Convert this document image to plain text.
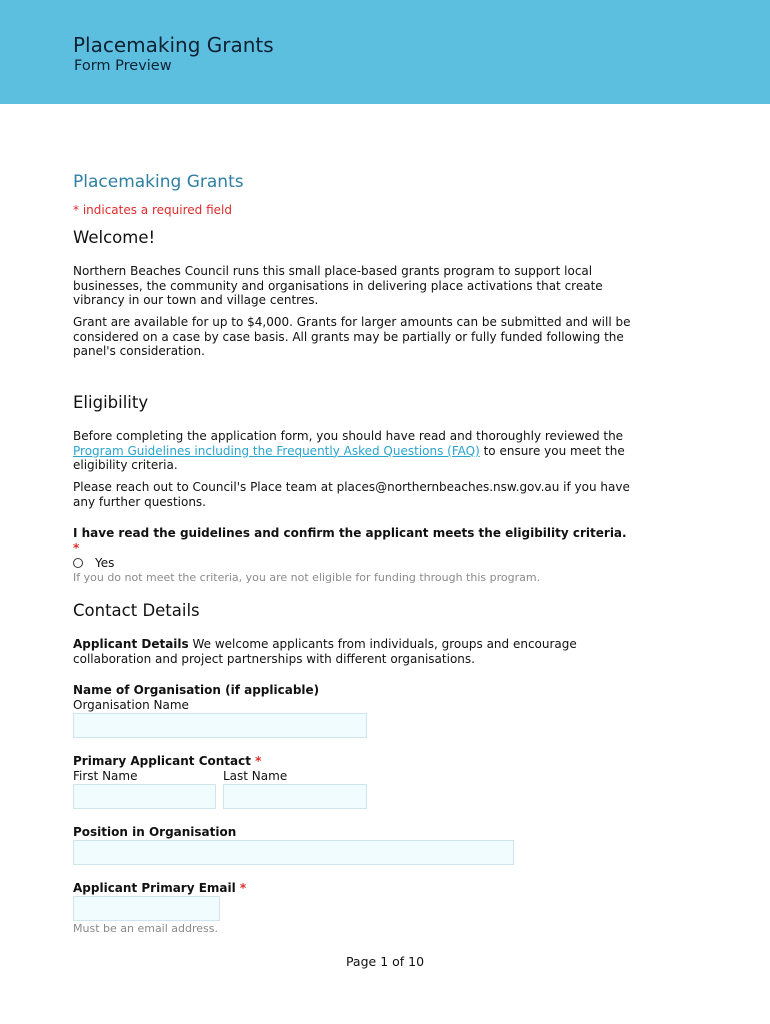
Placemaking Grants
Form Preview
Placemaking Grants
* indicates a required field
Welcome!
Northern Beaches Council runs this small place-based grants program to support local
businesses, the community and organisations in delivering place activations that create
vibrancy in our town and village centres.
Grant are available for up to $4,000. Grants for larger amounts can be submitted and will be
considered on a case by case basis. All grants may be partially or fully funded following the
panel's consideration.
Eligibility
Before completing the application form, you should have read and thoroughly reviewed the
Program Guidelines including the Frequently Asked Questions (FAQ) to ensure you meet the
eligibility criteria.
Please reach out to Council's Place team at places@northernbeaches.nsw.gov.au if you have
any further questions.
I have read the guidelines and confirm the applicant meets the eligibility criteria.
*
Yes
If you do not meet the criteria, you are not eligible for funding through this program.
Contact Details
Applicant Details We welcome applicants from individuals, groups and encourage
collaboration and project partnerships with different organisations.
Name of Organisation (if applicable)
Organisation Name
Primary Applicant Contact *
First Name	Last Name
Position in Organisation
Applicant Primary Email *
Must be an email address.
Page 1 of 10
